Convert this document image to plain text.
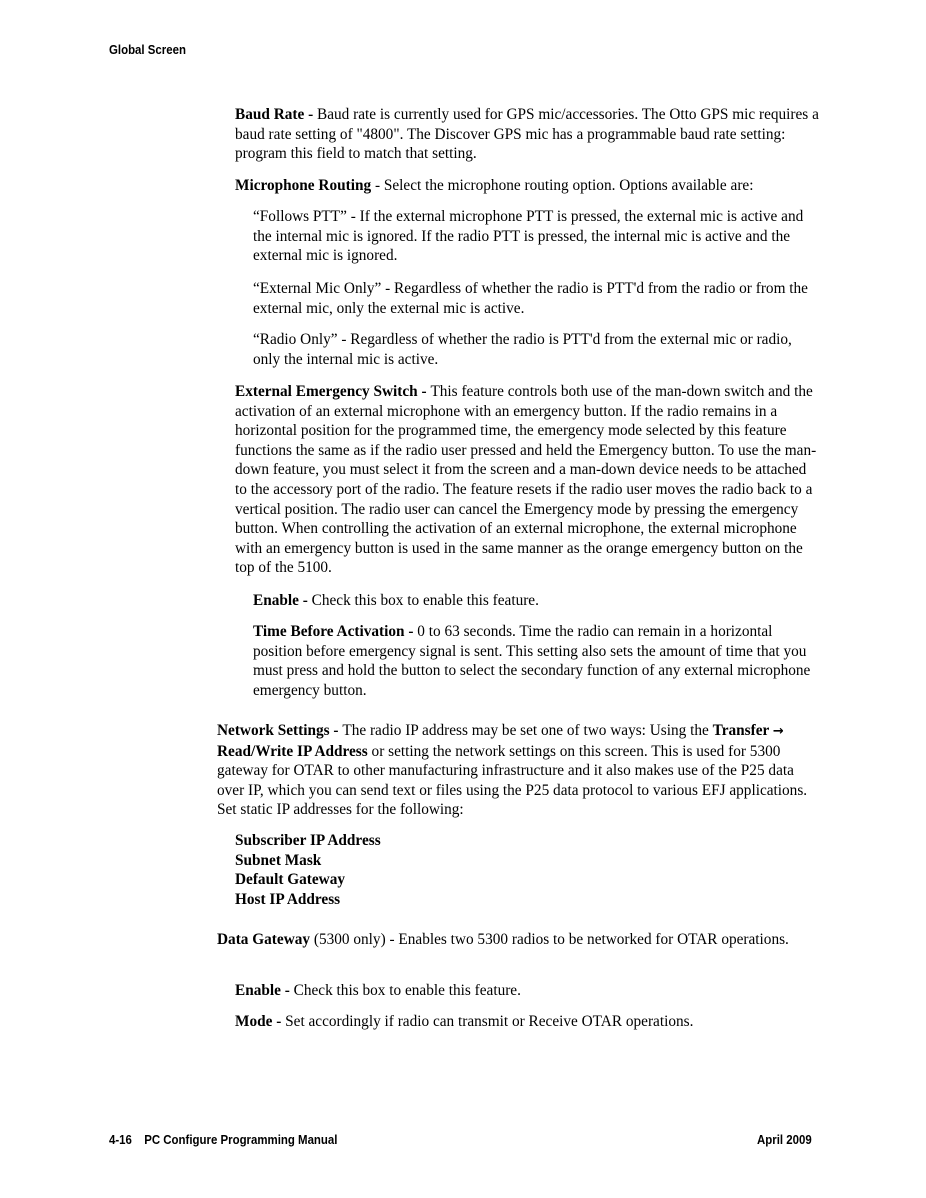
Global Screen

Baud Rate - Baud rate is currently used for GPS mic/accessories. The Otto GPS mic requires a baud rate setting of "4800". The Discover GPS mic has a programmable baud rate setting: program this field to match that setting.

Microphone Routing - Select the microphone routing option. Options available are:

“Follows PTT” - If the external microphone PTT is pressed, the external mic is active and the internal mic is ignored. If the radio PTT is pressed, the internal mic is active and the external mic is ignored.

“External Mic Only” - Regardless of whether the radio is PTT'd from the radio or from the external mic, only the external mic is active.

“Radio Only” - Regardless of whether the radio is PTT'd from the external mic or radio, only the internal mic is active.

External Emergency Switch - This feature controls both use of the man-down switch and the activation of an external microphone with an emergency button. If the radio remains in a horizontal position for the programmed time, the emergency mode selected by this feature functions the same as if the radio user pressed and held the Emergency button. To use the man-down feature, you must select it from the screen and a man-down device needs to be attached to the accessory port of the radio. The feature resets if the radio user moves the radio back to a vertical position. The radio user can cancel the Emergency mode by pressing the emergency button. When controlling the activation of an external microphone, the external microphone with an emergency button is used in the same manner as the orange emergency button on the top of the 5100.

Enable - Check this box to enable this feature.

Time Before Activation - 0 to 63 seconds. Time the radio can remain in a horizontal position before emergency signal is sent. This setting also sets the amount of time that you must press and hold the button to select the secondary function of any external microphone emergency button.

Network Settings - The radio IP address may be set one of two ways: Using the Transfer → Read/Write IP Address or setting the network settings on this screen. This is used for 5300 gateway for OTAR to other manufacturing infrastructure and it also makes use of the P25 data over IP, which you can send text or files using the P25 data protocol to various EFJ applications. Set static IP addresses for the following:

Subscriber IP Address
Subnet Mask
Default Gateway
Host IP Address

Data Gateway (5300 only) - Enables two 5300 radios to be networked for OTAR operations.

Enable - Check this box to enable this feature.

Mode - Set accordingly if radio can transmit or Receive OTAR operations.

4-16 PC Configure Programming Manual	April 2009
